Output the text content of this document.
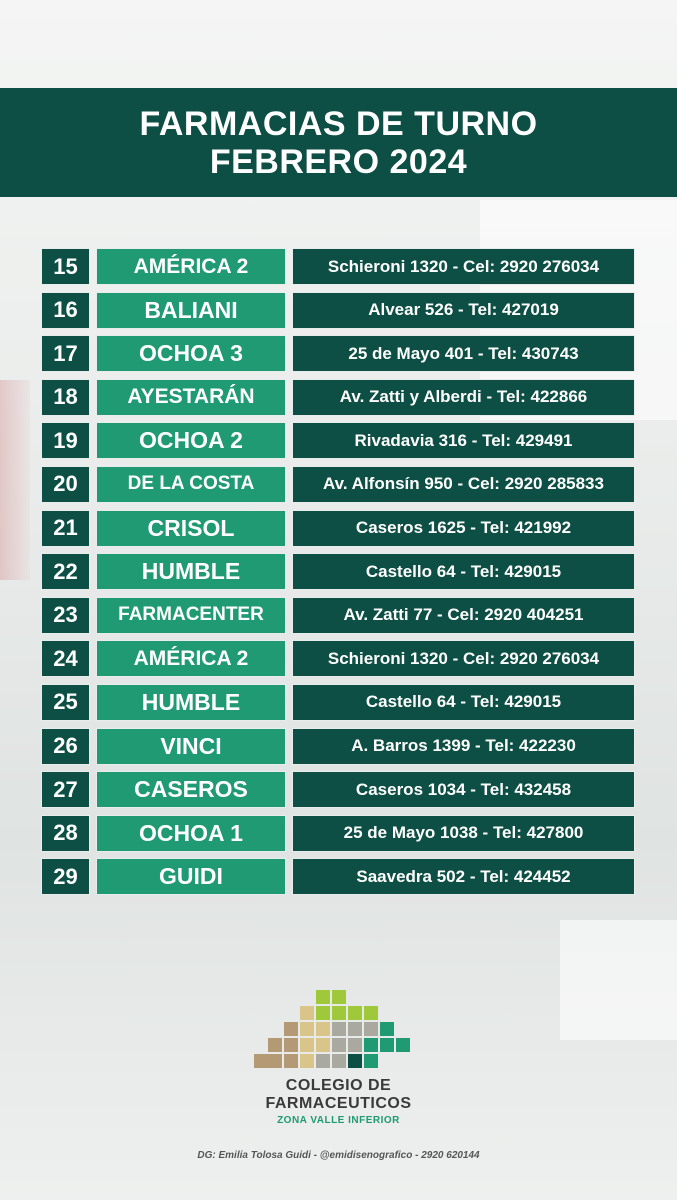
FARMACIAS DE TURNO
FEBRERO 2024
15	AMÉRICA 2	Schieroni 1320 - Cel: 2920 276034
16	BALIANI	Alvear 526 - Tel: 427019
17	OCHOA 3	25 de Mayo 401 - Tel: 430743
18	AYESTARÁN	Av. Zatti y Alberdi - Tel: 422866
19	OCHOA 2	Rivadavia 316 - Tel: 429491
20	DE LA COSTA	Av. Alfonsín 950 - Cel: 2920 285833
21	CRISOL	Caseros 1625 - Tel: 421992
22	HUMBLE	Castello 64 - Tel: 429015
23	FARMACENTER	Av. Zatti 77 - Cel: 2920 404251
24	AMÉRICA 2	Schieroni 1320 - Cel: 2920 276034
25	HUMBLE	Castello 64 - Tel: 429015
26	VINCI	A. Barros 1399 - Tel: 422230
27	CASEROS	Caseros 1034 - Tel: 432458
28	OCHOA 1	25 de Mayo 1038 - Tel: 427800
29	GUIDI	Saavedra 502 - Tel: 424452
COLEGIO DE
FARMACEUTICOS
ZONA VALLE INFERIOR
DG: Emilia Tolosa Guidi - @emidisenografico - 2920 620144
